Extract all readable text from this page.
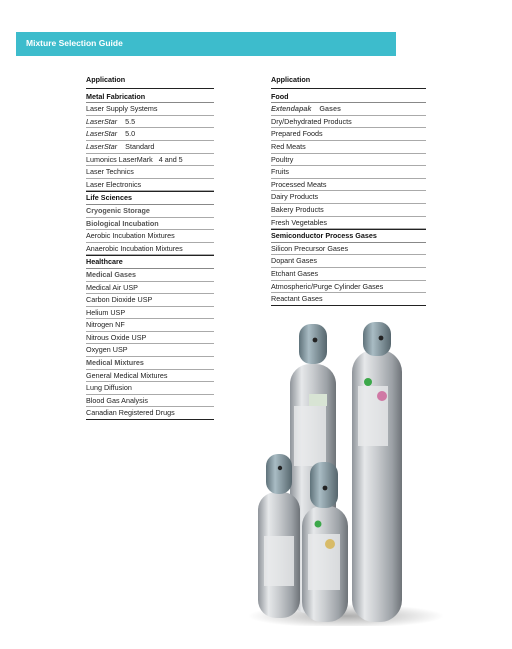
Mixture Selection Guide
Application
Metal Fabrication
Laser Supply Systems
LaserStar 5.5
LaserStar 5.0
LaserStar Standard
Lumonics LaserMark   4 and 5
Laser Technics
Laser Electronics
Life Sciences
Cryogenic Storage
Biological Incubation
Aerobic Incubation Mixtures
Anaerobic Incubation Mixtures
Healthcare
Medical Gases
Medical Air USP
Carbon Dioxide USP
Helium USP
Nitrogen NF
Nitrous Oxide USP
Oxygen USP
Medical Mixtures
General Medical Mixtures
Lung Diffusion
Blood Gas Analysis
Canadian Registered Drugs
Application
Food
Extendapak Gases
Dry/Dehydrated Products
Prepared Foods
Red Meats
Poultry
Fruits
Processed Meats
Dairy Products
Bakery Products
Fresh Vegetables
Semiconductor Process Gases
Silicon Precursor Gases
Dopant Gases
Etchant Gases
Atmospheric/Purge Cylinder Gases
Reactant Gases
